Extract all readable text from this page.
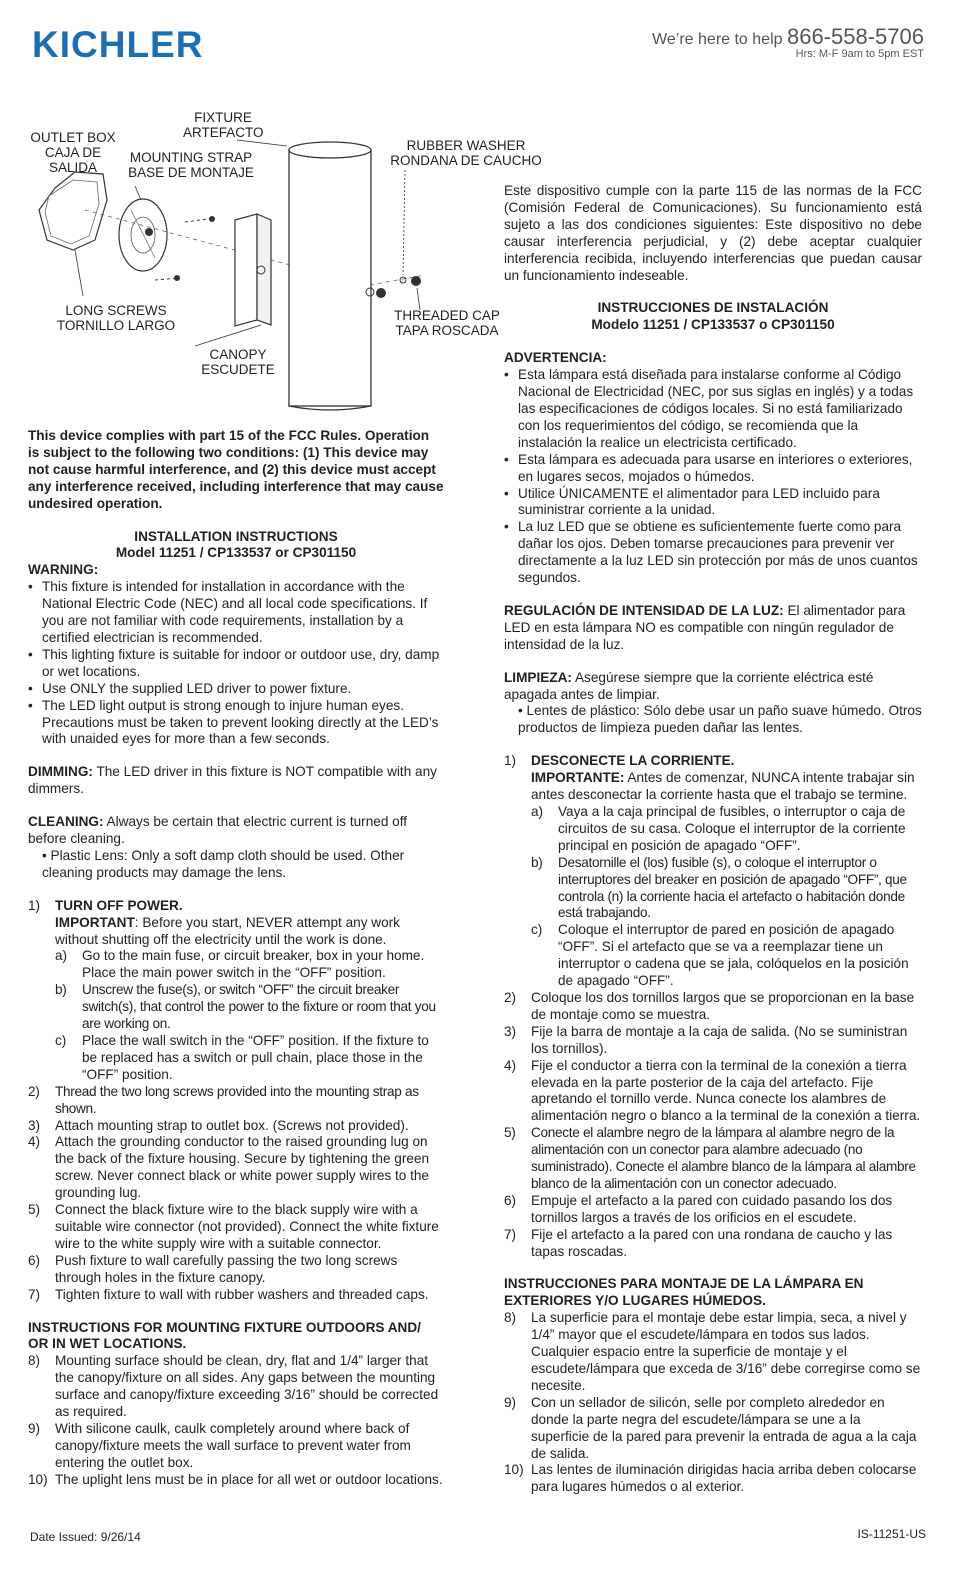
KICHLER	We’re here to help 866-558-5706
Hrs: M-F 9am to 5pm EST
FIXTURE
ARTEFACTO
OUTLET BOX
CAJA DE
SALIDA
MOUNTING STRAP
BASE DE MONTAJE
RUBBER WASHER
RONDANA DE CAUCHO
LONG SCREWS
TORNILLO LARGO
THREADED CAP
TAPA ROSCADA
CANOPY
ESCUDETE

This device complies with part 15 of the FCC Rules. Operation is subject to the following two conditions: (1) This device may not cause harmful interference, and (2) this device must accept any interference received, including interference that may cause undesired operation.

INSTALLATION INSTRUCTIONS

Model 11251 / CP133537 or CP301150

WARNING:

• This fixture is intended for installation in accordance with the National Electric Code (NEC) and all local code specifications. If you are not familiar with code requirements, installation by a certified electrician is recommended.
• This lighting fixture is suitable for indoor or outdoor use, dry, damp or wet locations.
• Use ONLY the supplied LED driver to power fixture.
• The LED light output is strong enough to injure human eyes. Precautions must be taken to prevent looking directly at the LED’s with unaided eyes for more than a few seconds.

DIMMING: The LED driver in this fixture is NOT compatible with any dimmers.

CLEANING: Always be certain that electric current is turned off before cleaning.

• Plastic Lens: Only a soft damp cloth should be used. Other cleaning products may damage the lens.

1)	TURN OFF POWER.

IMPORTANT: Before you start, NEVER attempt any work without shutting off the electricity until the work is done.

a)	Go to the main fuse, or circuit breaker, box in your home. Place the main power switch in the “OFF” position.
b)	Unscrew the fuse(s), or switch “OFF” the circuit breaker switch(s), that control the power to the fixture or room that you are working on.
c)	Place the wall switch in the “OFF” position. If the fixture to be replaced has a switch or pull chain, place those in the “OFF” position.
2)	Thread the two long screws provided into the mounting strap as shown.
3)	Attach mounting strap to outlet box. (Screws not provided).
4)	Attach the grounding conductor to the raised grounding lug on the back of the fixture housing. Secure by tightening the green screw. Never connect black or white power supply wires to the grounding lug.
5)	Connect the black fixture wire to the black supply wire with a suitable wire connector (not provided). Connect the white fixture wire to the white supply wire with a suitable connector.
6)	Push fixture to wall carefully passing the two long screws through holes in the fixture canopy.
7)	Tighten fixture to wall with rubber washers and threaded caps.

INSTRUCTIONS FOR MOUNTING FIXTURE OUTDOORS AND/ OR IN WET LOCATIONS.

8)	Mounting surface should be clean, dry, flat and 1/4” larger that the canopy/fixture on all sides. Any gaps between the mounting surface and canopy/fixture exceeding 3/16” should be corrected as required.
9)	With silicone caulk, caulk completely around where back of canopy/fixture meets the wall surface to prevent water from entering the outlet box.
10) The uplight lens must be in place for all wet or outdoor locations.

Este dispositivo cumple con la parte 115 de las normas de la FCC (Comisión Federal de Comunicaciones). Su funcionamiento está sujeto a las dos condiciones siguientes: Este dispositivo no debe causar interferencia perjudicial, y (2) debe aceptar cualquier interferencia recibida, incluyendo interferencias que puedan causar un funcionamiento indeseable.

INSTRUCCIONES DE INSTALACIÓN

Modelo 11251 / CP133537 o CP301150

ADVERTENCIA:

• Esta lámpara está diseñada para instalarse conforme al Código Nacional de Electricidad (NEC, por sus siglas en inglés) y a todas las especificaciones de códigos locales. Si no está familiarizado con los requerimientos del código, se recomienda que la instalación la realice un electricista certificado.
• Esta lámpara es adecuada para usarse en interiores o exteriores, en lugares secos, mojados o húmedos.
• Utilice ÚNICAMENTE el alimentador para LED incluido para suministrar corriente a la unidad.
• La luz LED que se obtiene es suficientemente fuerte como para dañar los ojos. Deben tomarse precauciones para prevenir ver directamente a la luz LED sin protección por más de unos cuantos segundos.

REGULACIÓN DE INTENSIDAD DE LA LUZ: El alimentador para LED en esta lámpara NO es compatible con ningún regulador de intensidad de la luz.

LIMPIEZA: Asegúrese siempre que la corriente eléctrica esté apagada antes de limpiar.

• Lentes de plástico: Sólo debe usar un paño suave húmedo. Otros productos de limpieza pueden dañar las lentes.

1)	DESCONECTE LA CORRIENTE.

IMPORTANTE: Antes de comenzar, NUNCA intente trabajar sin antes desconectar la corriente hasta que el trabajo se termine.

a)	Vaya a la caja principal de fusibles, o interruptor o caja de circuitos de su casa. Coloque el interruptor de la corriente principal en posición de apagado “OFF”.
b)	Desatornille el (los) fusible (s), o coloque el interruptor o interruptores del breaker en posición de apagado “OFF”, que controla (n) la corriente hacia el artefacto o habitación donde está trabajando.
c)	Coloque el interruptor de pared en posición de apagado “OFF”. Si el artefacto que se va a reemplazar tiene un interruptor o cadena que se jala, colóquelos en la posición de apagado “OFF”.
2)	Coloque los dos tornillos largos que se proporcionan en la base de montaje como se muestra.
3)	Fije la barra de montaje a la caja de salida. (No se suministran los tornillos).
4)	Fije el conductor a tierra con la terminal de la conexión a tierra elevada en la parte posterior de la caja del artefacto. Fije apretando el tornillo verde. Nunca conecte los alambres de alimentación negro o blanco a la terminal de la conexión a tierra.
5)	Conecte el alambre negro de la lámpara al alambre negro de la alimentación con un conector para alambre adecuado (no suministrado). Conecte el alambre blanco de la lámpara al alambre blanco de la alimentación con un conector adecuado.
6)	Empuje el artefacto a la pared con cuidado pasando los dos tornillos largos a través de los orificios en el escudete.
7)	Fije el artefacto a la pared con una rondana de caucho y las tapas roscadas.

INSTRUCCIONES PARA MONTAJE DE LA LÁMPARA EN EXTERIORES Y/O LUGARES HÚMEDOS.

8)	La superficie para el montaje debe estar limpia, seca, a nivel y 1/4” mayor que el escudete/lámpara en todos sus lados. Cualquier espacio entre la superficie de montaje y el escudete/lámpara que exceda de 3/16” debe corregirse como se necesite.
9)	Con un sellador de silicón, selle por completo alrededor en donde la parte negra del escudete/lámpara se une a la superficie de la pared para prevenir la entrada de agua a la caja de salida.
10) Las lentes de iluminación dirigidas hacia arriba deben colocarse para lugares húmedos o al exterior.
Date Issued: 9/26/14	IS-11251-US
